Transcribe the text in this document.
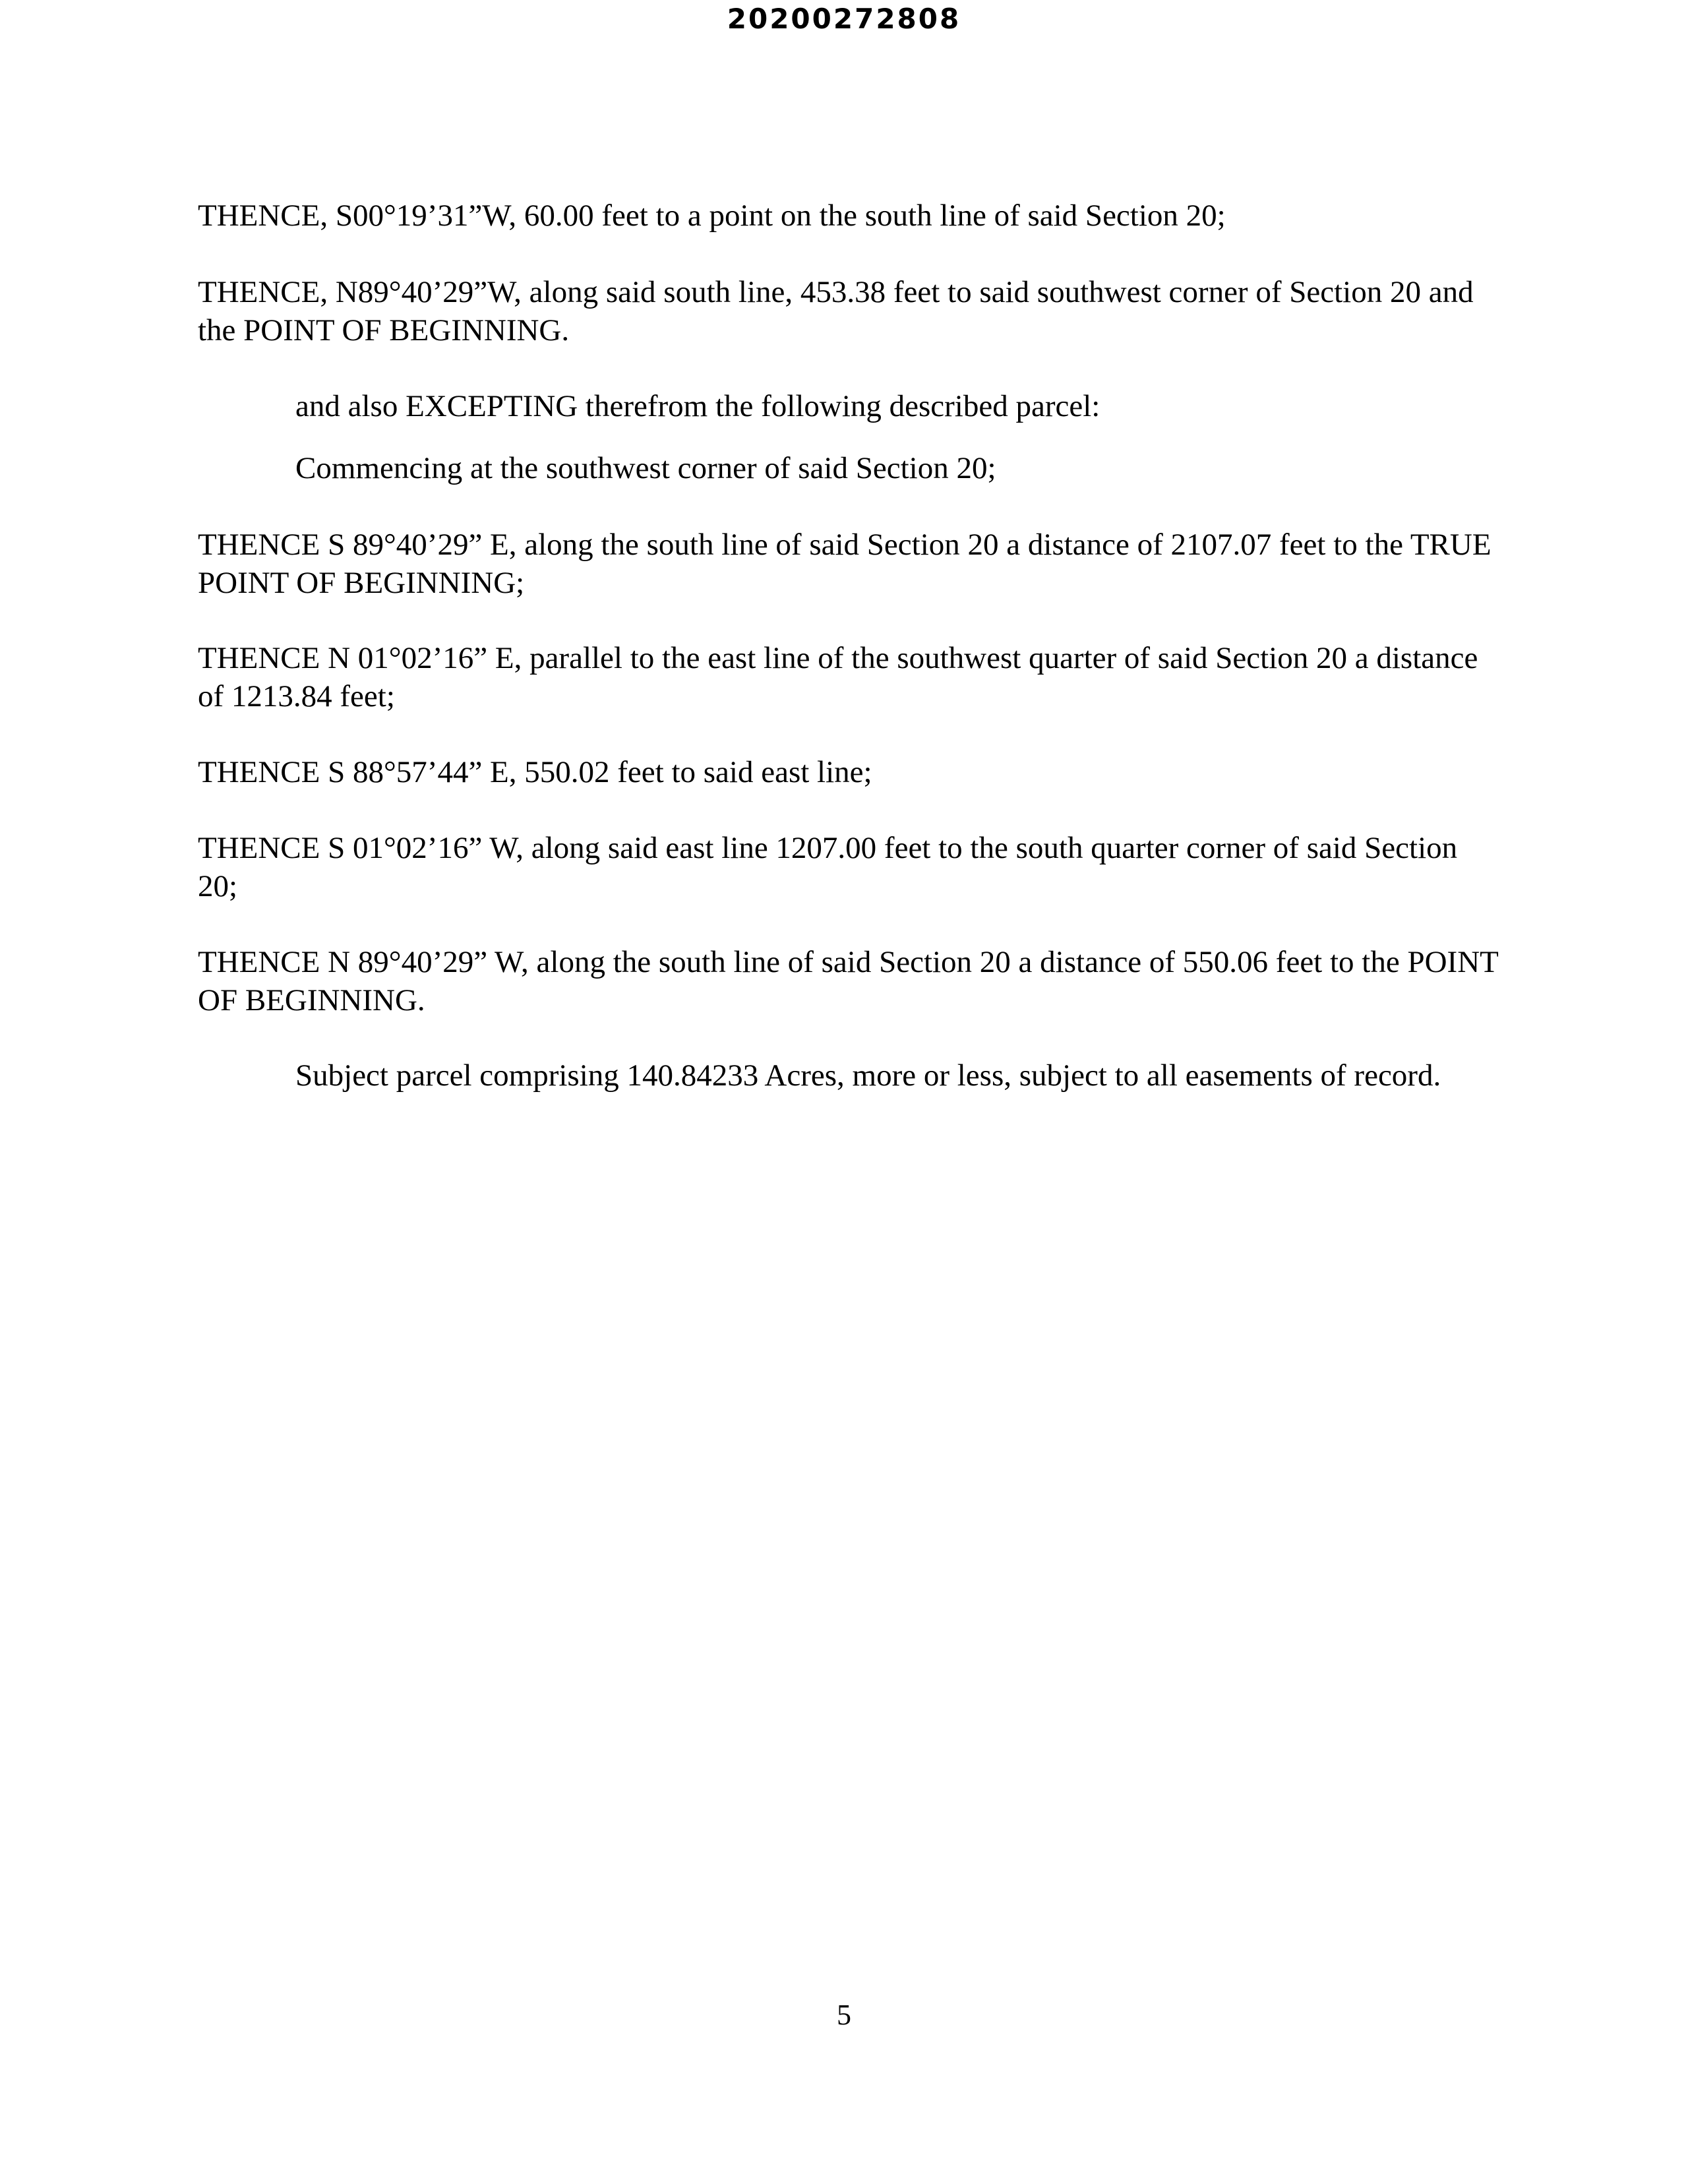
20200272808

THENCE, S00°19’31”W, 60.00 feet to a point on the south line of said Section 20;

THENCE, N89°40’29”W, along said south line, 453.38 feet to said southwest corner of Section 20 and the POINT OF BEGINNING.

and also EXCEPTING therefrom the following described parcel:

Commencing at the southwest corner of said Section 20;

THENCE S 89°40’29” E, along the south line of said Section 20 a distance of 2107.07 feet to the TRUE POINT OF BEGINNING;

THENCE N 01°02’16” E, parallel to the east line of the southwest quarter of said Section 20 a distance of 1213.84 feet;

THENCE S 88°57’44” E, 550.02 feet to said east line;

THENCE S 01°02’16” W, along said east line 1207.00 feet to the south quarter corner of said Section 20;

THENCE N 89°40’29” W, along the south line of said Section 20 a distance of 550.06 feet to the POINT OF BEGINNING.

Subject parcel comprising 140.84233 Acres, more or less, subject to all easements of record.

5
